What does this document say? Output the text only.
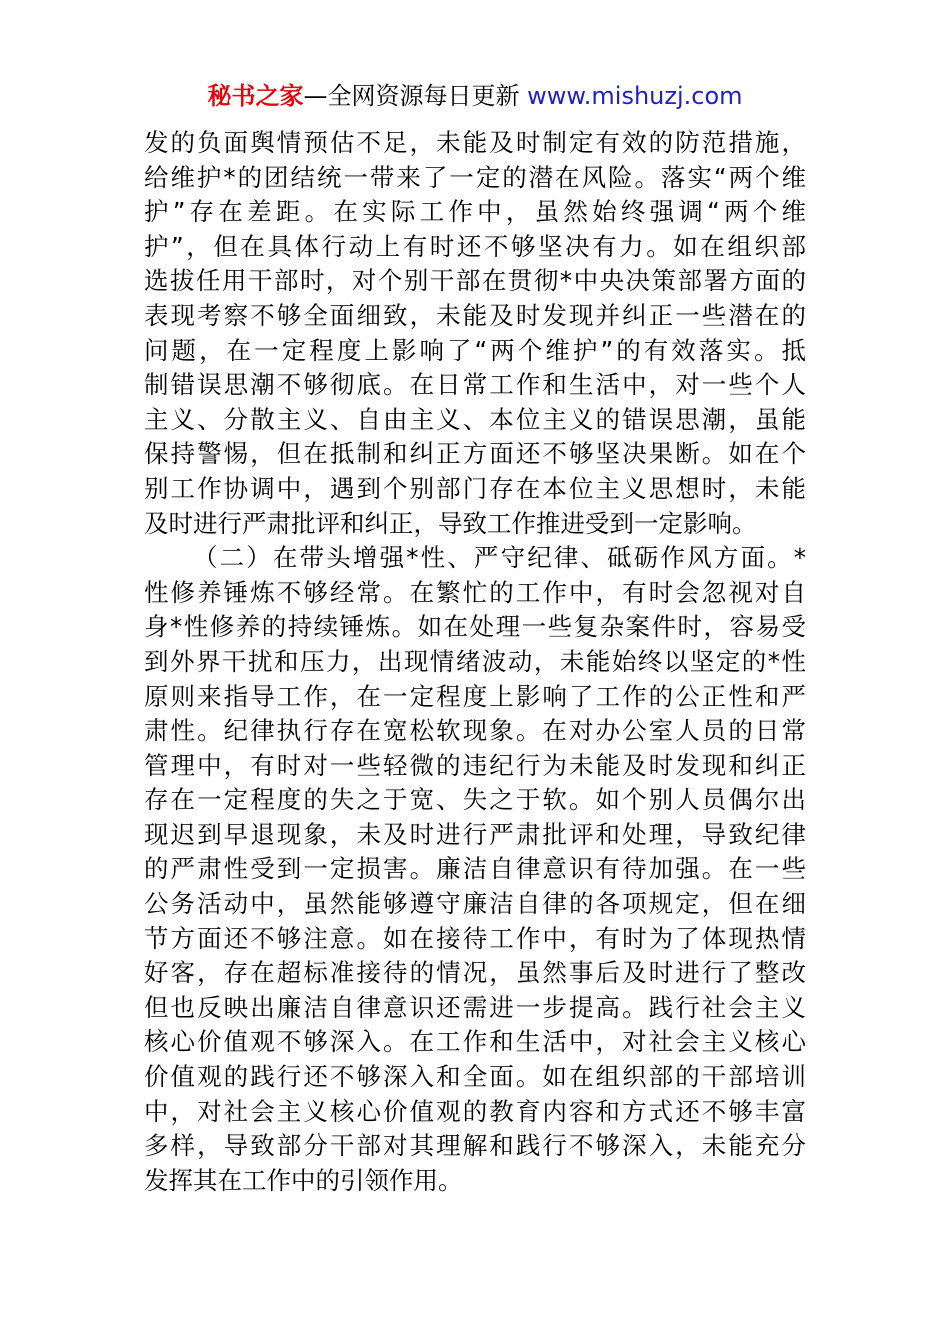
秘书之家—全网资源每日更新 www.mishuzj.com
发的负面舆情预估不足，未能及时制定有效的防范措施，
给维护*的团结统一带来了一定的潜在风险。落实“两个维
护”存在差距。在实际工作中，虽然始终强调“两个维
护”，但在具体行动上有时还不够坚决有力。如在组织部
选拔任用干部时，对个别干部在贯彻*中央决策部署方面的
表现考察不够全面细致，未能及时发现并纠正一些潜在的
问题，在一定程度上影响了“两个维护”的有效落实。抵
制错误思潮不够彻底。在日常工作和生活中，对一些个人
主义、分散主义、自由主义、本位主义的错误思潮，虽能
保持警惕，但在抵制和纠正方面还不够坚决果断。如在个
别工作协调中，遇到个别部门存在本位主义思想时，未能
及时进行严肃批评和纠正，导致工作推进受到一定影响。
（二）在带头增强*性、严守纪律、砥砺作风方面。*
性修养锤炼不够经常。在繁忙的工作中，有时会忽视对自
身*性修养的持续锤炼。如在处理一些复杂案件时，容易受
到外界干扰和压力，出现情绪波动，未能始终以坚定的*性
原则来指导工作，在一定程度上影响了工作的公正性和严
肃性。纪律执行存在宽松软现象。在对办公室人员的日常
管理中，有时对一些轻微的违纪行为未能及时发现和纠正
存在一定程度的失之于宽、失之于软。如个别人员偶尔出
现迟到早退现象，未及时进行严肃批评和处理，导致纪律
的严肃性受到一定损害。廉洁自律意识有待加强。在一些
公务活动中，虽然能够遵守廉洁自律的各项规定，但在细
节方面还不够注意。如在接待工作中，有时为了体现热情
好客，存在超标准接待的情况，虽然事后及时进行了整改
但也反映出廉洁自律意识还需进一步提高。践行社会主义
核心价值观不够深入。在工作和生活中，对社会主义核心
价值观的践行还不够深入和全面。如在组织部的干部培训
中，对社会主义核心价值观的教育内容和方式还不够丰富
多样，导致部分干部对其理解和践行不够深入，未能充分
发挥其在工作中的引领作用。
